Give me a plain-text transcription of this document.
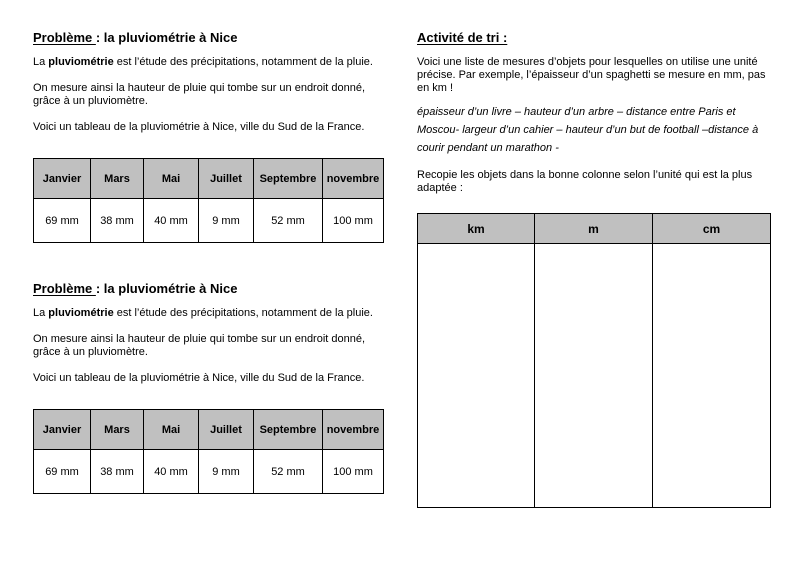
Problème : la pluviométrie à Nice

La pluviométrie est l’étude des précipitations, notamment de la pluie.

On mesure ainsi la hauteur de pluie qui tombe sur un endroit donné, grâce à un pluviomètre.

Voici un tableau de la pluviométrie à Nice, ville du Sud de la France.

Janvier	Mars	Mai	Juillet	Septembre	novembre
69 mm	38 mm	40 mm	9 mm	52 mm	100 mm
Problème : la pluviométrie à Nice

La pluviométrie est l’étude des précipitations, notamment de la pluie.

On mesure ainsi la hauteur de pluie qui tombe sur un endroit donné, grâce à un pluviomètre.

Voici un tableau de la pluviométrie à Nice, ville du Sud de la France.

Janvier	Mars	Mai	Juillet	Septembre	novembre
69 mm	38 mm	40 mm	9 mm	52 mm	100 mm
Activité de tri :

Voici une liste de mesures d’objets pour lesquelles on utilise une unité précise. Par exemple, l’épaisseur d’un spaghetti se mesure en mm, pas en km !

épaisseur d’un livre – hauteur d’un arbre – distance entre Paris et Moscou- largeur d’un cahier – hauteur d’un but de football –distance à courir pendant un marathon -

Recopie les objets dans la bonne colonne selon l’unité qui est la plus adaptée :

km	m	cm
